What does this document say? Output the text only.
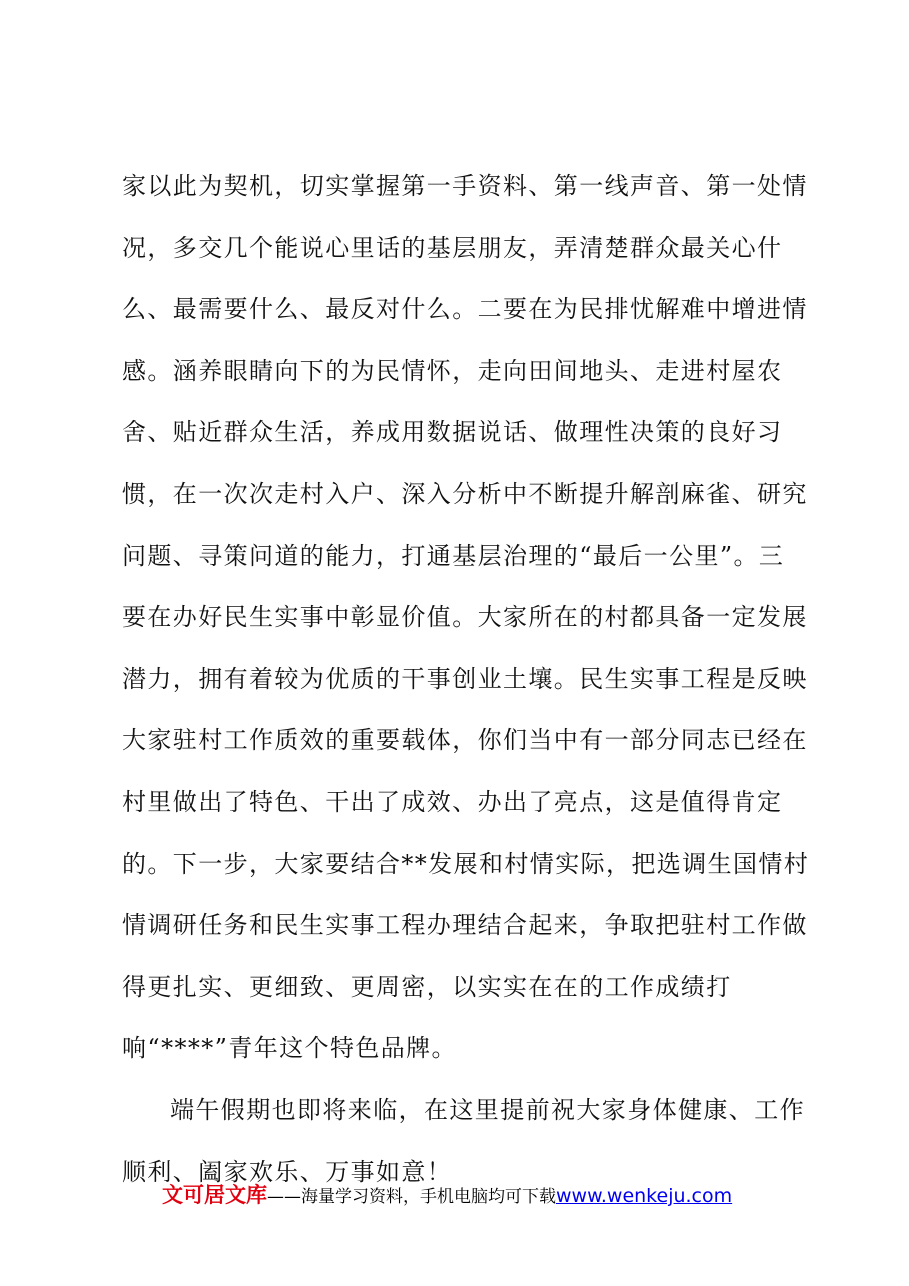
家以此为契机，切实掌握第一手资料、第一线声音、第一处情
况，多交几个能说心里话的基层朋友，弄清楚群众最关心什
么、最需要什么、最反对什么。二要在为民排忧解难中增进情
感。涵养眼睛向下的为民情怀，走向田间地头、走进村屋农
舍、贴近群众生活，养成用数据说话、做理性决策的良好习
惯，在一次次走村入户、深入分析中不断提升解剖麻雀、研究
问题、寻策问道的能力，打通基层治理的“最后一公里”。三
要在办好民生实事中彰显价值。大家所在的村都具备一定发展
潜力，拥有着较为优质的干事创业土壤。民生实事工程是反映
大家驻村工作质效的重要载体，你们当中有一部分同志已经在
村里做出了特色、干出了成效、办出了亮点，这是值得肯定
的。下一步，大家要结合**发展和村情实际，把选调生国情村
情调研任务和民生实事工程办理结合起来，争取把驻村工作做
得更扎实、更细致、更周密，以实实在在的工作成绩打
响“****”青年这个特色品牌。
端午假期也即将来临，在这里提前祝大家身体健康、工作
顺利、阖家欢乐、万事如意！
文可居文库——海量学习资料，手机电脑均可下载www.wenkeju.com
